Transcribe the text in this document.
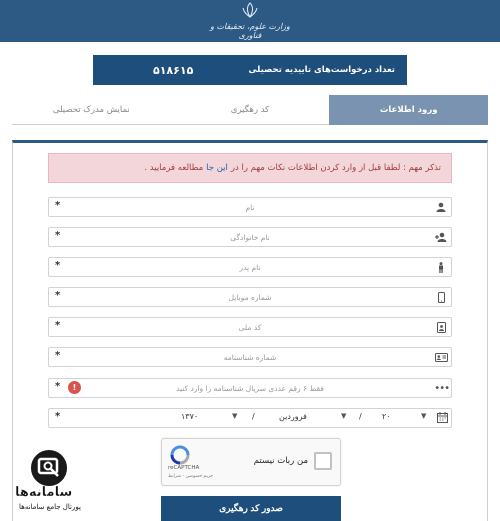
وزارت علوم، تحقیقات و فناوری
تعداد درخواست‌های تاییدیه تحصیلی
۵۱۸۶۱۵
ورود اطلاعات
کد رهگیری
نمایش مدرک تحصیلی
تذکر مهم : لطفا قبل از وارد کردن اطلاعات نکات مهم را در
این جا
مطالعه فرمایید .
نام
*
نام خانوادگی
*
نام پدر
*
شماره موبایل
*
کد ملی
*
شماره شناسنامه
*
•••
فقط ۶ رقم عددی سریال شناسنامه را وارد کنید
*	!
▼
۲۰
/
▼
فروردین
/
▼
۱۳۷۰
*
من ربات نیستم
reCAPTCHA
حریم خصوصی - شرایط
صدور کد رهگیری
سامانه‌ها
پورتال جامع سامانه‌ها
